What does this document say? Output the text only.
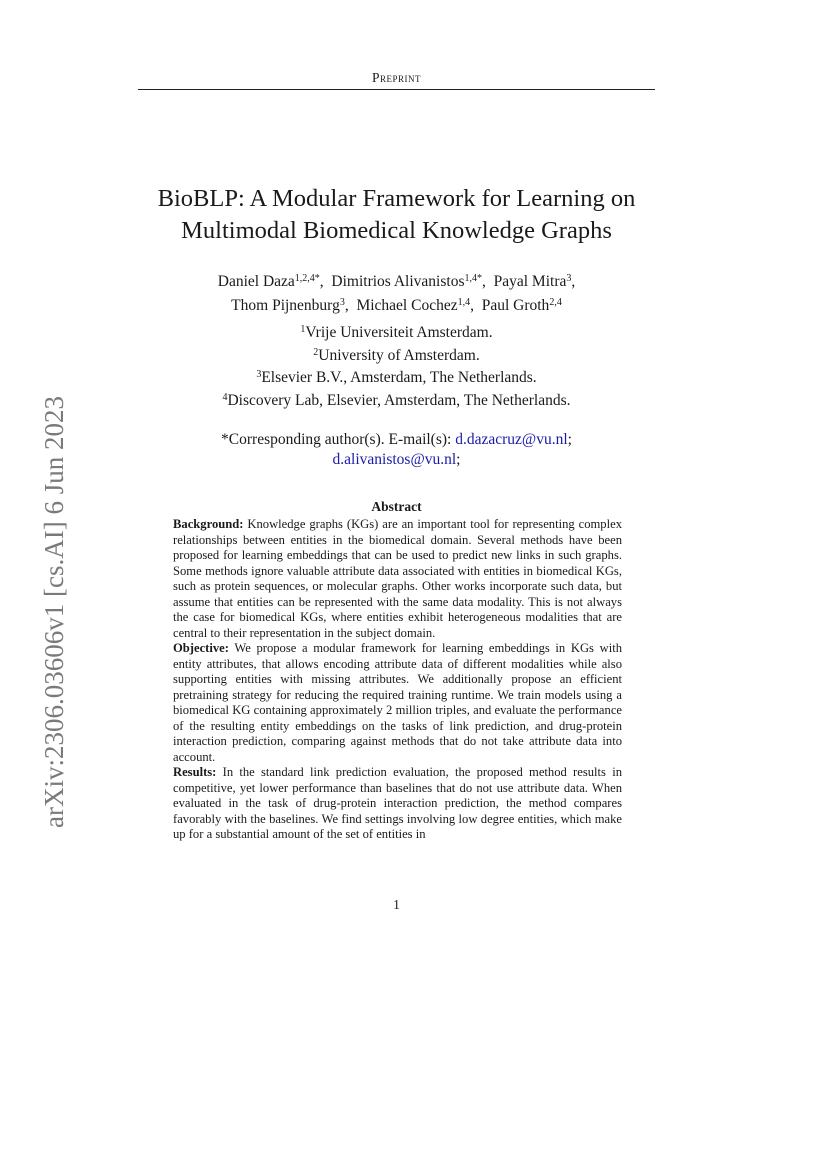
Preprint
arXiv:2306.03606v1 [cs.AI] 6 Jun 2023
BioBLP: A Modular Framework for Learning on
Multimodal Biomedical Knowledge Graphs
Daniel Daza$^{1,2,4*}$,  Dimitrios Alivanistos$^{1,4*}$,  Payal Mitra$^3$,
Thom Pijnenburg$^3$,  Michael Cochez$^{1,4}$,  Paul Groth$^{2,4}$
$^1$Vrije Universiteit Amsterdam.
$^2$University of Amsterdam.
$^3$Elsevier B.V., Amsterdam, The Netherlands.
$^4$Discovery Lab, Elsevier, Amsterdam, The Netherlands.
*Corresponding author(s). E-mail(s): d.dazacruz@vu.nl;
d.alivanistos@vu.nl;
Abstract

Background: Knowledge graphs (KGs) are an important tool for representing complex relationships between entities in the biomedical domain. Several methods have been proposed for learning embeddings that can be used to predict new links in such graphs. Some methods ignore valuable attribute data associated with entities in biomedical KGs, such as protein sequences, or molecular graphs. Other works incorporate such data, but assume that entities can be represented with the same data modality. This is not always the case for biomedical KGs, where entities exhibit heterogeneous modalities that are central to their representation in the subject domain.

Objective: We propose a modular framework for learning embeddings in KGs with entity attributes, that allows encoding attribute data of different modalities while also supporting entities with missing attributes. We additionally propose an efficient pretraining strategy for reducing the required training runtime. We train models using a biomedical KG containing approximately 2 million triples, and evaluate the performance of the resulting entity embeddings on the tasks of link prediction, and drug-protein interaction prediction, comparing against methods that do not take attribute data into account.

Results: In the standard link prediction evaluation, the proposed method results in competitive, yet lower performance than baselines that do not use attribute data. When evaluated in the task of drug-protein interaction prediction, the method compares favorably with the baselines. We find settings involving low degree entities, which make up for a substantial amount of the set of entities in

1
